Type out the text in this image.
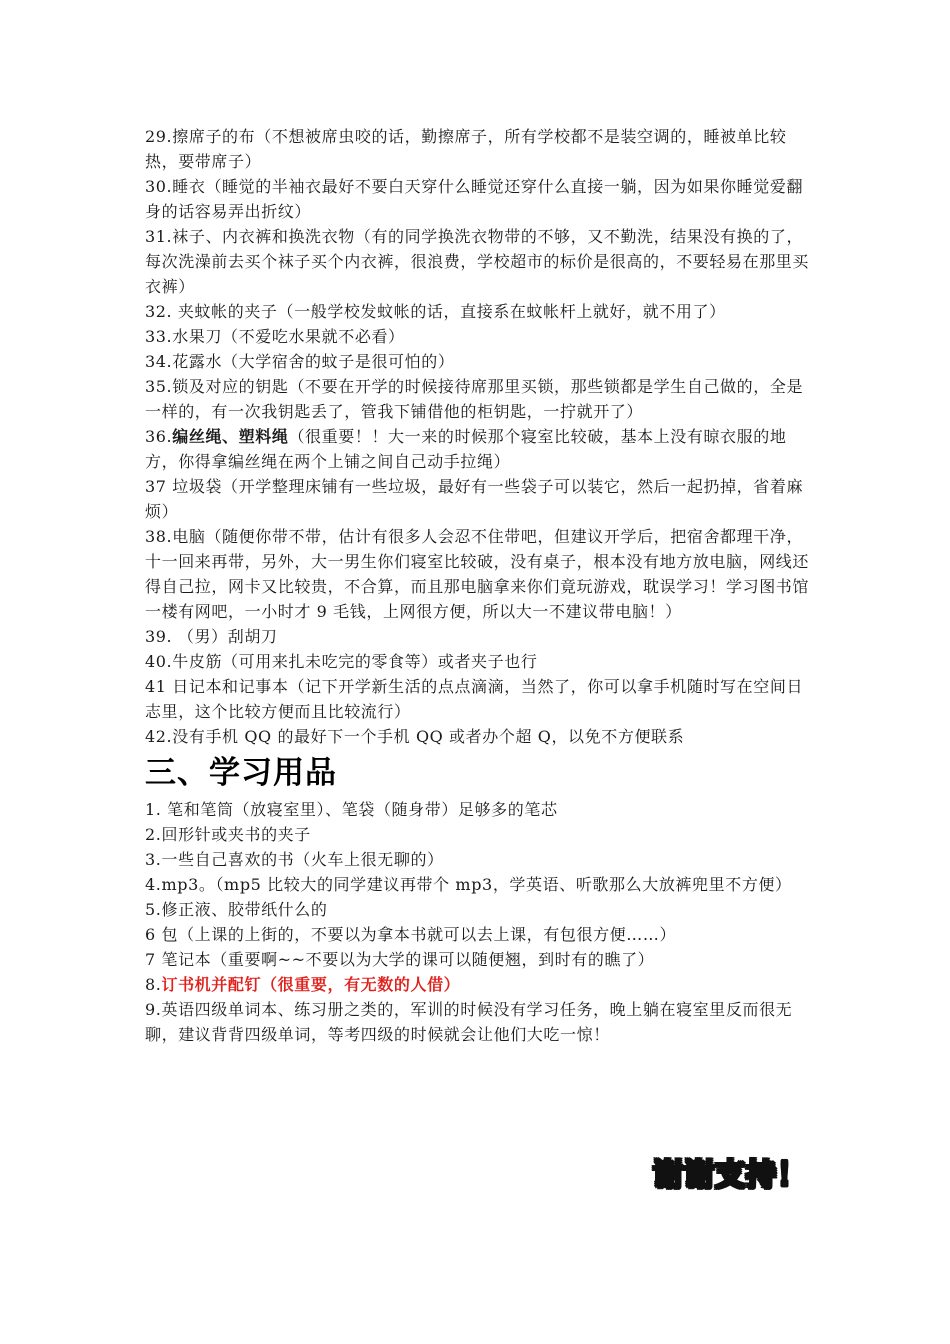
29.擦席子的布（不想被席虫咬的话，勤擦席子，所有学校都不是装空调的，睡被单比较热，要带席子）

30.睡衣（睡觉的半袖衣最好不要白天穿什么睡觉还穿什么直接一躺，因为如果你睡觉爱翻身的话容易弄出折纹）

31.袜子、内衣裤和换洗衣物（有的同学换洗衣物带的不够，又不勤洗，结果没有换的了，每次洗澡前去买个袜子买个内衣裤，很浪费，学校超市的标价是很高的，不要轻易在那里买衣裤）

32. 夹蚊帐的夹子（一般学校发蚊帐的话，直接系在蚊帐杆上就好，就不用了）

33.水果刀（不爱吃水果就不必看）

34.花露水（大学宿舍的蚊子是很可怕的）

35.锁及对应的钥匙（不要在开学的时候接待席那里买锁，那些锁都是学生自己做的，全是一样的，有一次我钥匙丢了，管我下铺借他的柜钥匙，一拧就开了）

36.编丝绳、塑料绳（很重要！！大一来的时候那个寝室比较破，基本上没有晾衣服的地方，你得拿编丝绳在两个上铺之间自己动手拉绳）

37 垃圾袋（开学整理床铺有一些垃圾，最好有一些袋子可以装它，然后一起扔掉，省着麻烦）

38.电脑（随便你带不带，估计有很多人会忍不住带吧，但建议开学后，把宿舍都理干净，十一回来再带，另外，大一男生你们寝室比较破，没有桌子，根本没有地方放电脑，网线还得自己拉，网卡又比较贵，不合算，而且那电脑拿来你们竟玩游戏，耽误学习！学习图书馆一楼有网吧，一小时才 9 毛钱，上网很方便，所以大一不建议带电脑！）

39. （男）刮胡刀

40.牛皮筋（可用来扎未吃完的零食等）或者夹子也行

41 日记本和记事本（记下开学新生活的点点滴滴，当然了，你可以拿手机随时写在空间日志里，这个比较方便而且比较流行）

42.没有手机 QQ 的最好下一个手机 QQ 或者办个超 Q，以免不方便联系

三、学习用品

1. 笔和笔筒（放寝室里）、笔袋（随身带）足够多的笔芯

2.回形针或夹书的夹子

3.一些自己喜欢的书（火车上很无聊的）

4.mp3。（mp5 比较大的同学建议再带个 mp3，学英语、听歌那么大放裤兜里不方便）

5.修正液、胶带纸什么的

6 包（上课的上街的，不要以为拿本书就可以去上课，有包很方便……）

7 笔记本（重要啊~~不要以为大学的课可以随便翘，到时有的瞧了）

8.订书机并配钉（很重要，有无数的人借）

9.英语四级单词本、练习册之类的，军训的时候没有学习任务，晚上躺在寝室里反而很无聊，建议背背四级单词，等考四级的时候就会让他们大吃一惊！

谢谢支持！
